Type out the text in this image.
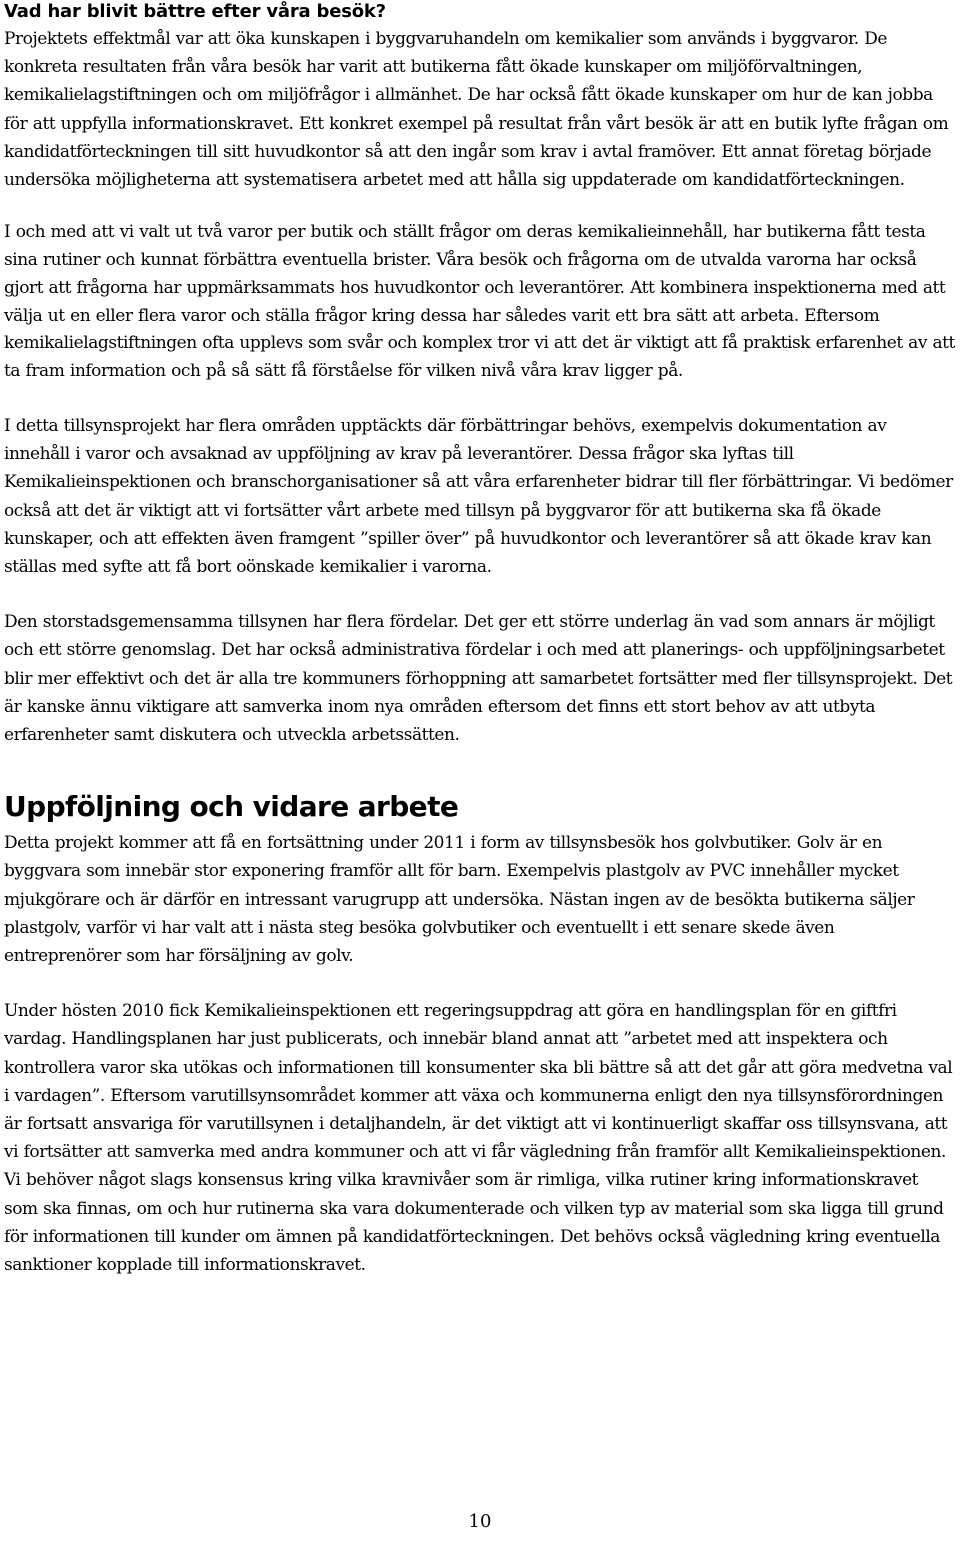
Vad har blivit bättre efter våra besök?

Projektets effektmål var att öka kunskapen i byggvaruhandeln om kemikalier som används i byggvaror. De konkreta resultaten från våra besök har varit att butikerna fått ökade kunskaper om miljöförvaltningen, kemikalielagstiftningen och om miljöfrågor i allmänhet. De har också fått ökade kunskaper om hur de kan jobba för att uppfylla informationskravet. Ett konkret exempel på resultat från vårt besök är att en butik lyfte frågan om kandidatförteckningen till sitt huvudkontor så att den ingår som krav i avtal framöver. Ett annat företag började undersöka möjligheterna att systematisera arbetet med att hålla sig uppdaterade om kandidatförteckningen.

I och med att vi valt ut två varor per butik och ställt frågor om deras kemikalieinnehåll, har butikerna fått testa sina rutiner och kunnat förbättra eventuella brister. Våra besök och frågorna om de utvalda varorna har också gjort att frågorna har uppmärksammats hos huvudkontor och leverantörer. Att kombinera inspektionerna med att välja ut en eller flera varor och ställa frågor kring dessa har således varit ett bra sätt att arbeta. Eftersom kemikalielagstiftningen ofta upplevs som svår och komplex tror vi att det är viktigt att få praktisk erfarenhet av att ta fram information och på så sätt få förståelse för vilken nivå våra krav ligger på.

I detta tillsynsprojekt har flera områden upptäckts där förbättringar behövs, exempelvis dokumentation av innehåll i varor och avsaknad av uppföljning av krav på leverantörer. Dessa frågor ska lyftas till Kemikalieinspektionen och branschorganisationer så att våra erfarenheter bidrar till fler förbättringar. Vi bedömer också att det är viktigt att vi fortsätter vårt arbete med tillsyn på byggvaror för att butikerna ska få ökade kunskaper, och att effekten även framgent ”spiller över” på huvudkontor och leverantörer så att ökade krav kan ställas med syfte att få bort oönskade kemikalier i varorna.

Den storstadsgemensamma tillsynen har flera fördelar. Det ger ett större underlag än vad som annars är möjligt och ett större genomslag. Det har också administrativa fördelar i och med att planerings- och uppföljningsarbetet blir mer effektivt och det är alla tre kommuners förhoppning att samarbetet fortsätter med fler tillsynsprojekt. Det är kanske ännu viktigare att samverka inom nya områden eftersom det finns ett stort behov av att utbyta erfarenheter samt diskutera och utveckla arbetssätten.

Uppföljning och vidare arbete

Detta projekt kommer att få en fortsättning under 2011 i form av tillsynsbesök hos golvbutiker. Golv är en byggvara som innebär stor exponering framför allt för barn. Exempelvis plastgolv av PVC innehåller mycket mjukgörare och är därför en intressant varugrupp att undersöka. Nästan ingen av de besökta butikerna säljer plastgolv, varför vi har valt att i nästa steg besöka golvbutiker och eventuellt i ett senare skede även entreprenörer som har försäljning av golv.

Under hösten 2010 fick Kemikalieinspektionen ett regeringsuppdrag att göra en handlingsplan för en giftfri vardag. Handlingsplanen har just publicerats, och innebär bland annat att ”arbetet med att inspektera och kontrollera varor ska utökas och informationen till konsumenter ska bli bättre så att det går att göra medvetna val i vardagen”. Eftersom varutillsynsområdet kommer att växa och kommunerna enligt den nya tillsynsförordningen är fortsatt ansvariga för varutillsynen i detaljhandeln, är det viktigt att vi kontinuerligt skaffar oss tillsynsvana, att vi fortsätter att samverka med andra kommuner och att vi får vägledning från framför allt Kemikalieinspektionen. Vi behöver något slags konsensus kring vilka kravnivåer som är rimliga, vilka rutiner kring informationskravet som ska finnas, om och hur rutinerna ska vara dokumenterade och vilken typ av material som ska ligga till grund för informationen till kunder om ämnen på kandidatförteckningen. Det behövs också vägledning kring eventuella sanktioner kopplade till informationskravet.

10
